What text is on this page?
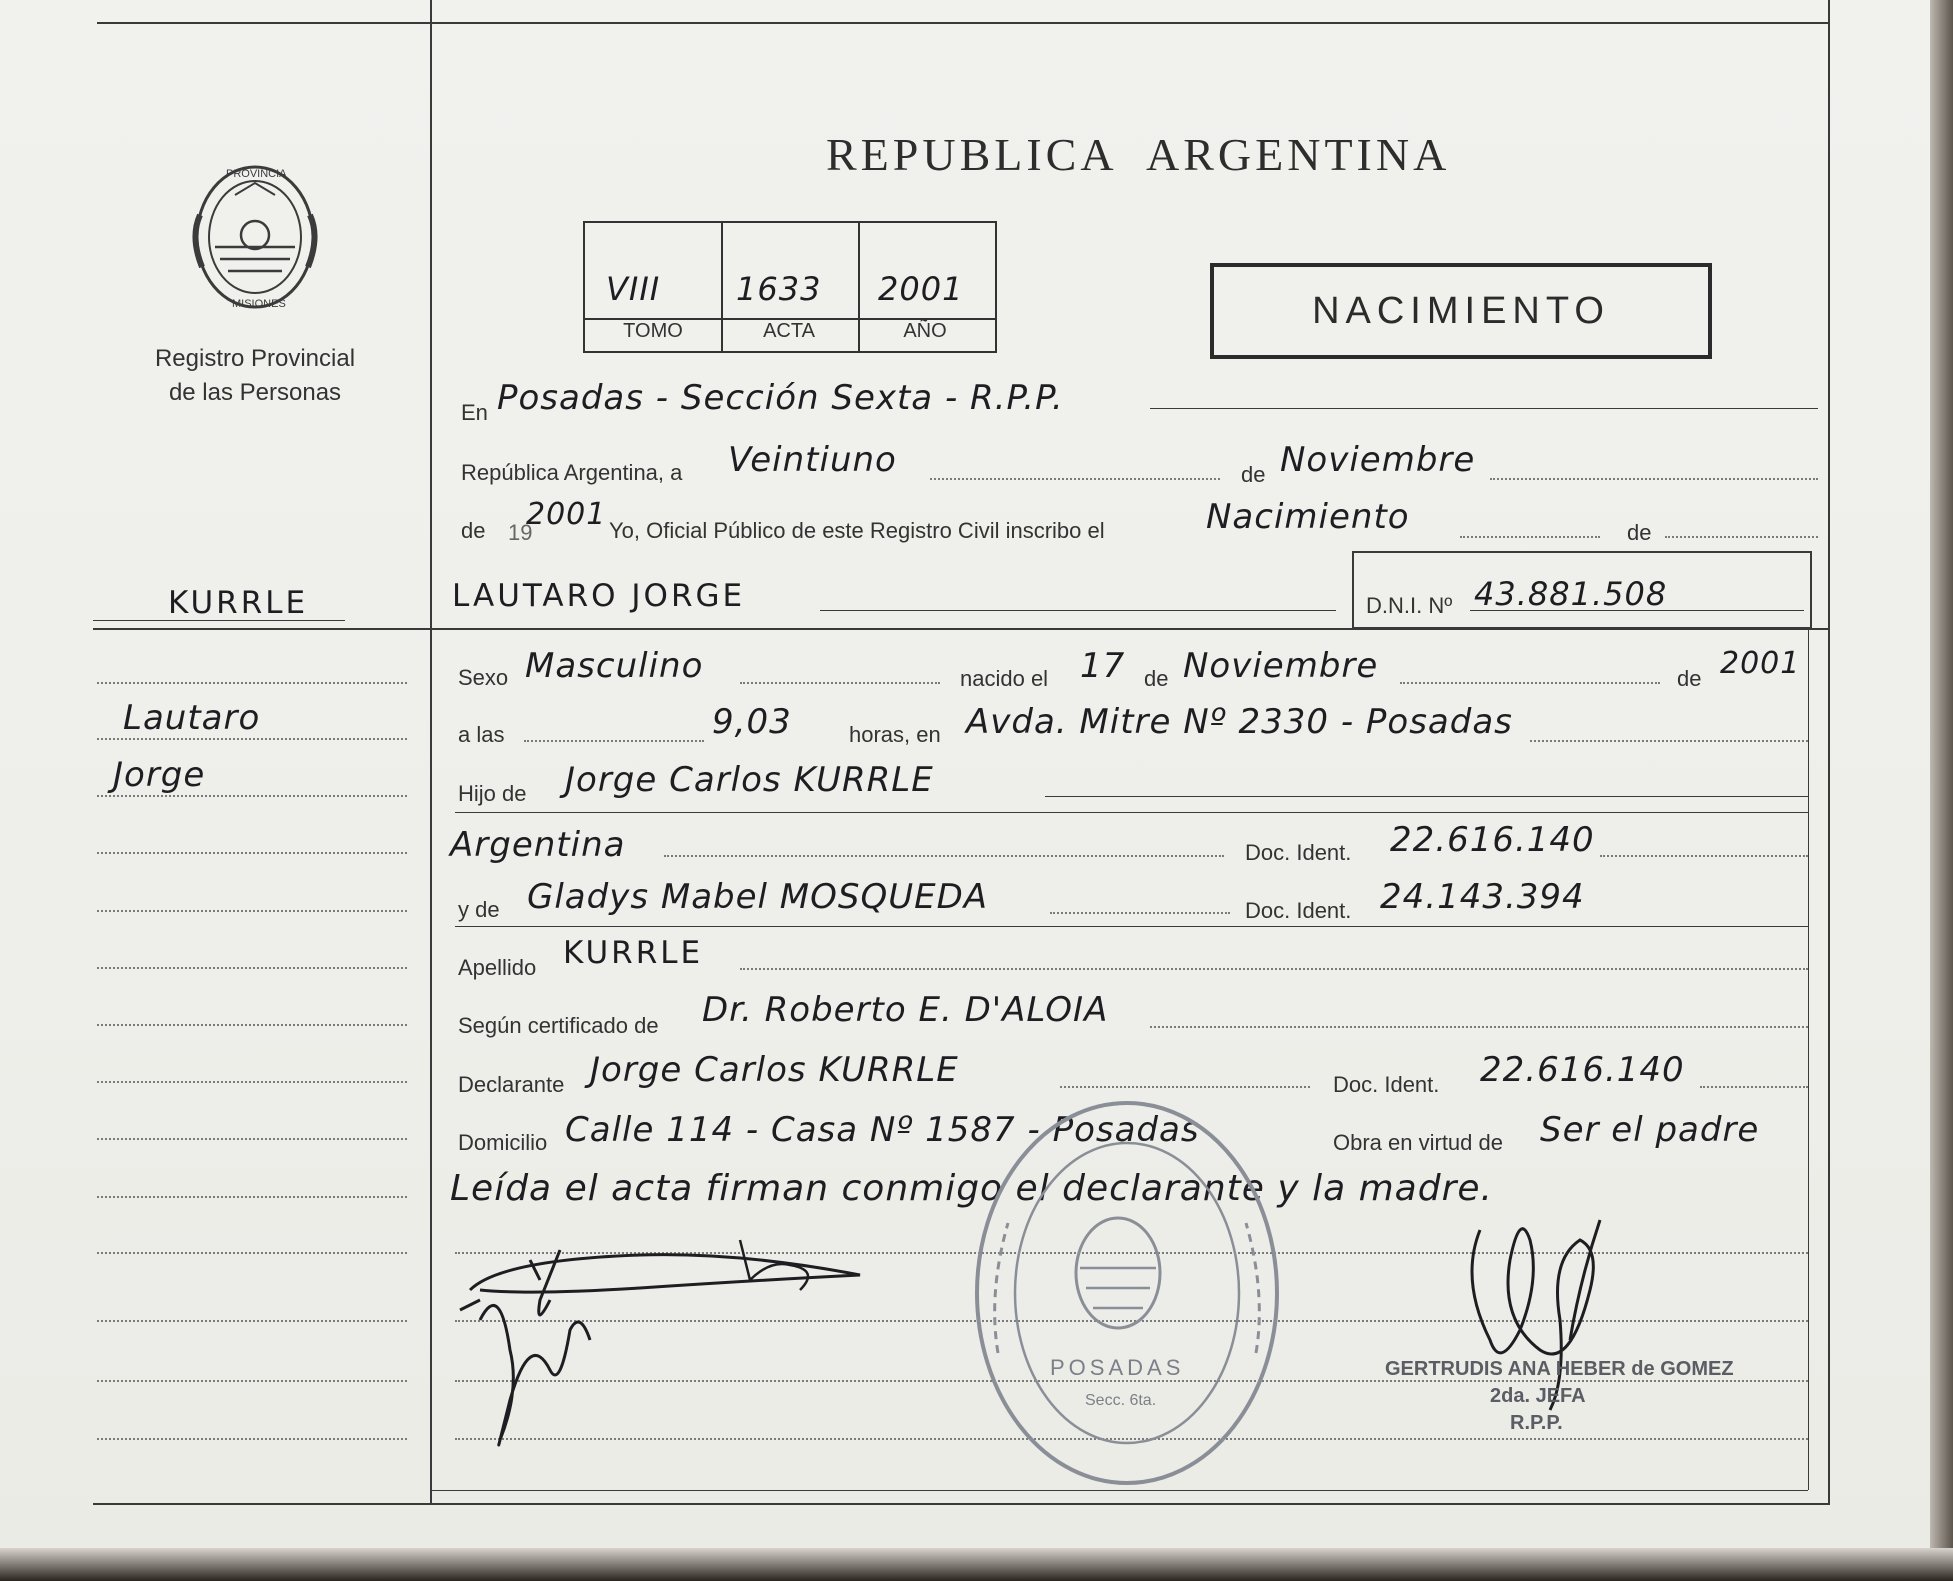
REPUBLICA ARGENTINA
PROVINCIA
MISIONES
Registro Provincial
de las Personas
VIII 1633 2001
TOMO	ACTA	AÑO	NACIMIENTO
En Posadas - Sección Sexta - R.P.P.
República Argentina, a Veintiuno	de Noviembre
de 19
2001 Yo, Oficial Público de este Registro Civil inscribo el	Nacimiento	de
KURRLE	LAUTARO JORGE	D.N.I. Nº 43.881.508
Lautaro
Jorge
Sexo Masculino	nacido el 17 de Noviembre	de 2001
a las	9,03	horas, en Avda. Mitre Nº 2330 - Posadas
Hijo de Jorge Carlos KURRLE
Argentina	Doc. Ident. 22.616.140
y de Gladys Mabel MOSQUEDA	Doc. Ident. 24.143.394
Apellido KURRLE
Según certificado de Dr. Roberto E. D'ALOIA
Declarante Jorge Carlos KURRLE	Doc. Ident. 22.616.140
Domicilio Calle 114 - Casa Nº 1587 - Posadas	Obra en virtud de Ser el padre
Leída el acta firman conmigo el declarante y la madre.
POSADAS
Secc. 6ta.
GERTRUDIS ANA HEBER de GOMEZ
2da. JEFA
R.P.P.
